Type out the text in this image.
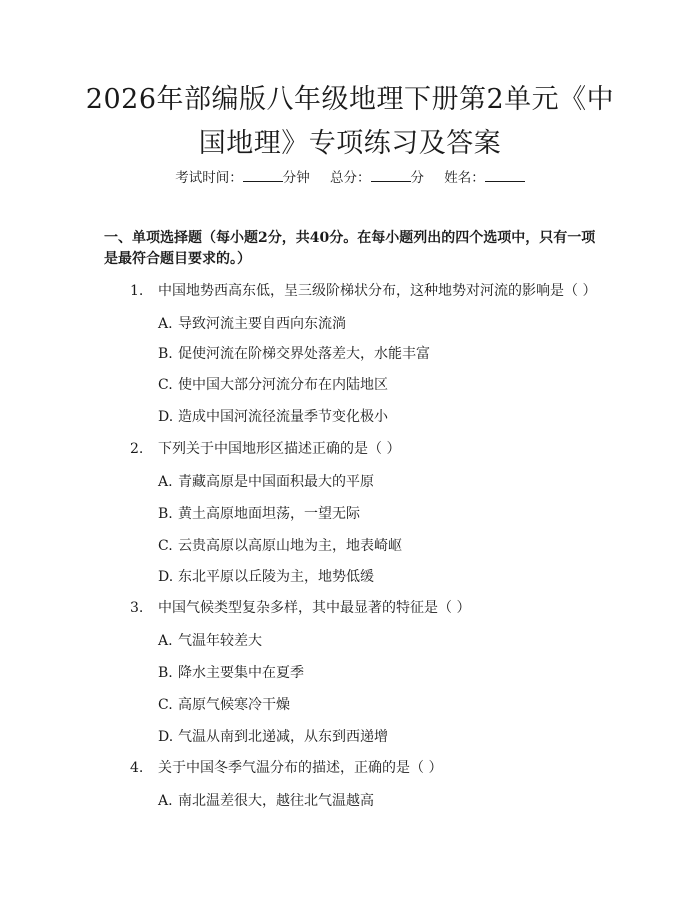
2026年部编版八年级地理下册第2单元《中国地理》专项练习及答案
考试时间：	分钟 总分：	分 姓名：

一、单项选择题（每小题2分，共40分。在每小题列出的四个选项中，只有一项是最符合题目要求的。）

1. 中国地势西高东低，呈三级阶梯状分布，这种地势对河流的影响是（ ）
A. 导致河流主要自西向东流淌
B. 促使河流在阶梯交界处落差大，水能丰富
C. 使中国大部分河流分布在内陆地区
D. 造成中国河流径流量季节变化极小
2. 下列关于中国地形区描述正确的是（ ）
A. 青藏高原是中国面积最大的平原
B. 黄土高原地面坦荡，一望无际
C. 云贵高原以高原山地为主，地表崎岖
D. 东北平原以丘陵为主，地势低缓
3. 中国气候类型复杂多样，其中最显著的特征是（ ）
A. 气温年较差大
B. 降水主要集中在夏季
C. 高原气候寒冷干燥
D. 气温从南到北递减，从东到西递增
4. 关于中国冬季气温分布的描述，正确的是（ ）
A. 南北温差很大，越往北气温越高
